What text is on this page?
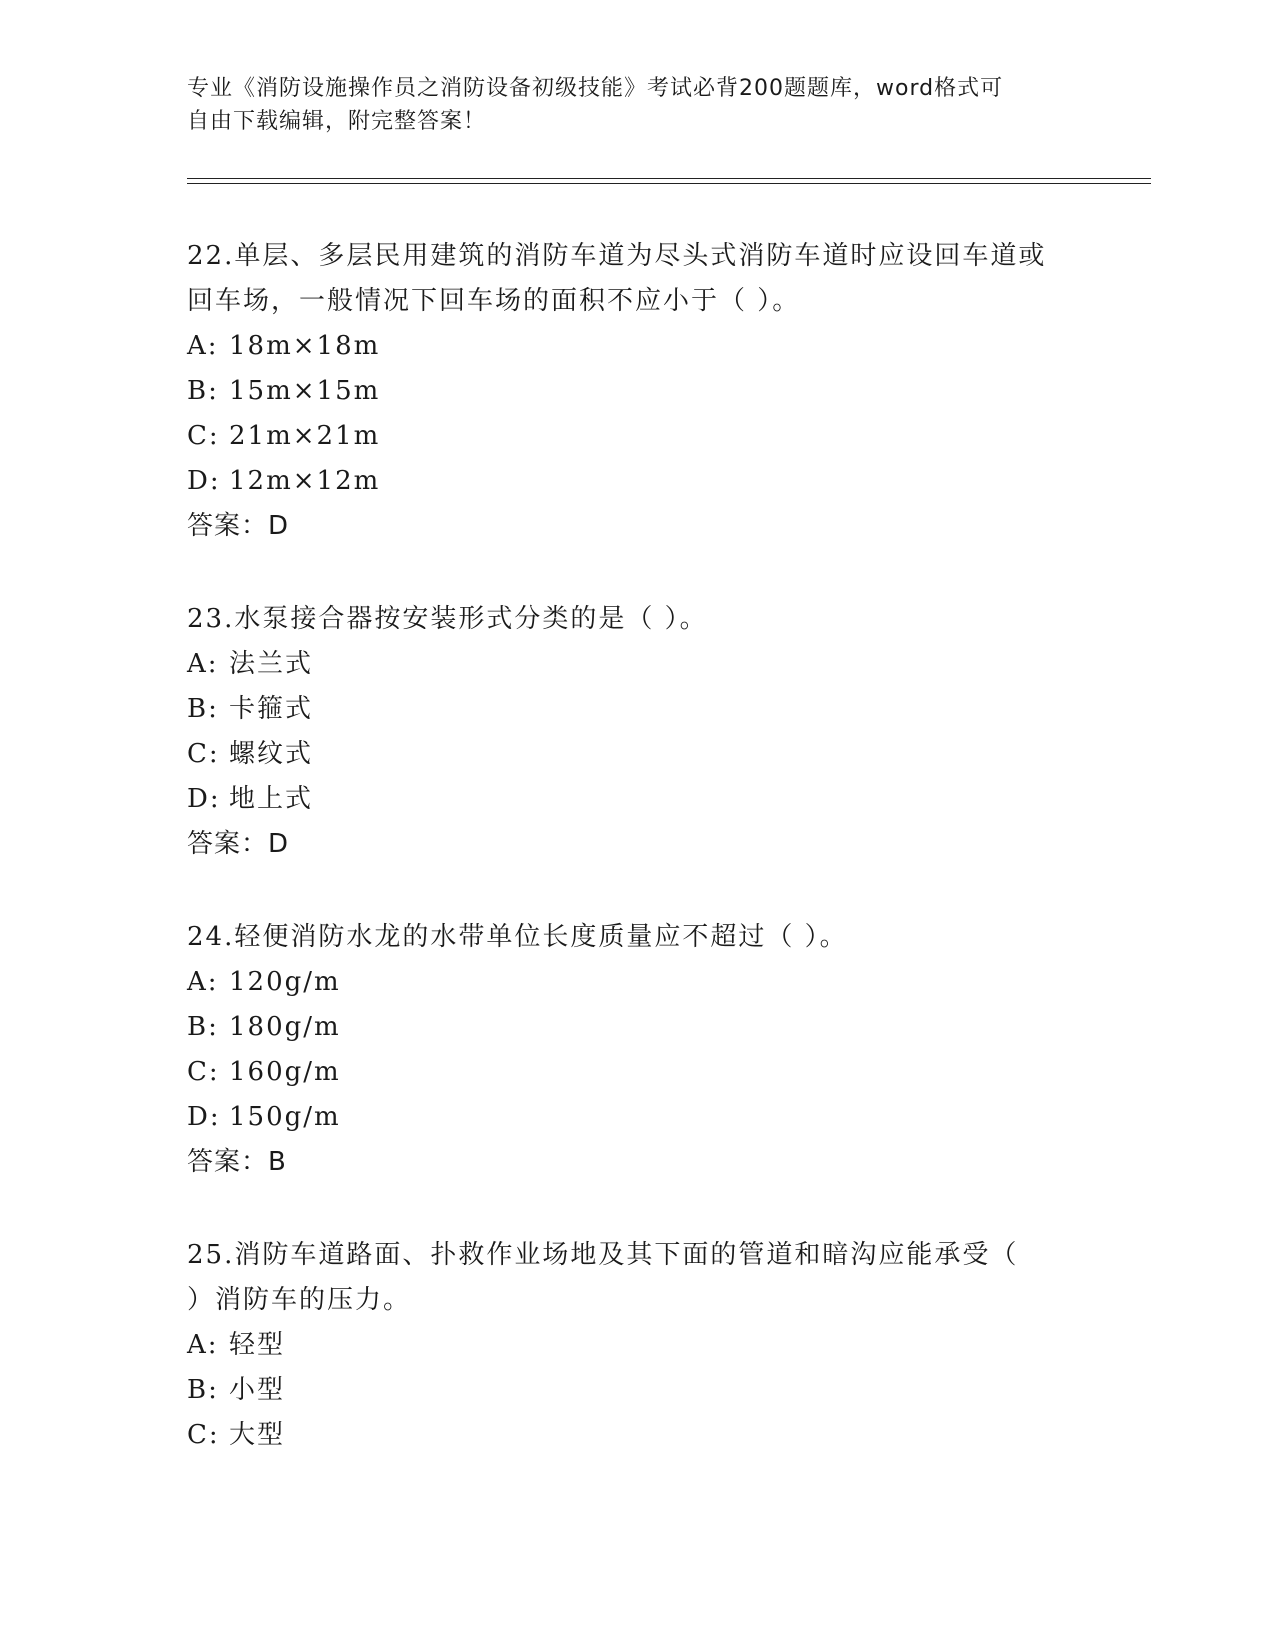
专业《消防设施操作员之消防设备初级技能》考试必背200题题库，word格式可
自由下载编辑，附完整答案！
22.单层、多层民用建筑的消防车道为尽头式消防车道时应设回车道或
回车场，一般情况下回车场的面积不应小于（ ）。
A: 18m×18m
B: 15m×15m
C: 21m×21m
D: 12m×12m
答案：D
23.水泵接合器按安装形式分类的是（ ）。
A: 法兰式
B: 卡箍式
C: 螺纹式
D: 地上式
答案：D
24.轻便消防水龙的水带单位长度质量应不超过（ ）。
A: 120g/m
B: 180g/m
C: 160g/m
D: 150g/m
答案：B
25.消防车道路面、扑救作业场地及其下面的管道和暗沟应能承受（
）消防车的压力。
A: 轻型
B: 小型
C: 大型
